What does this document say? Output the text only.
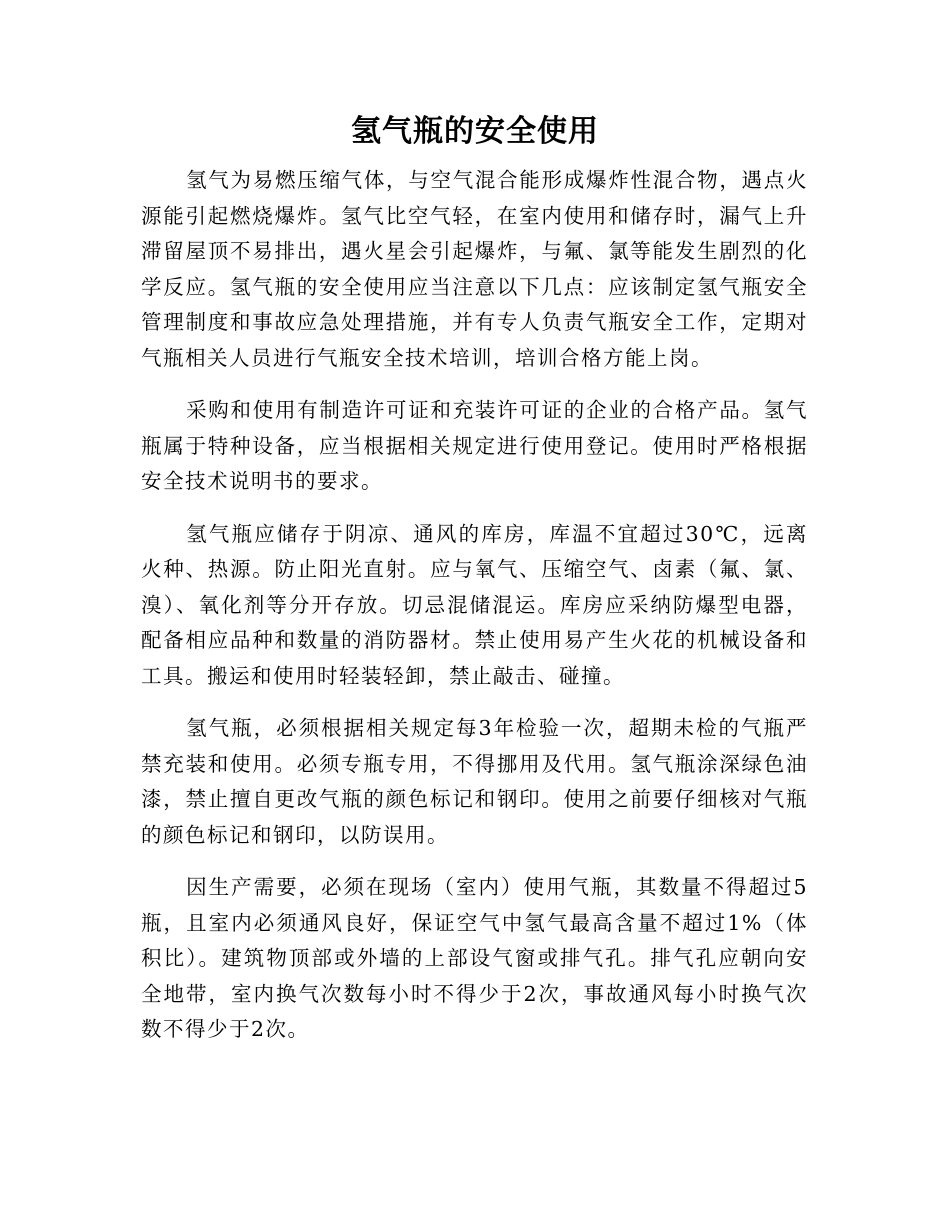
氢气瓶的安全使用

氢气为易燃压缩气体，与空气混合能形成爆炸性混合物，遇点火源能引起燃烧爆炸。氢气比空气轻，在室内使用和储存时，漏气上升滞留屋顶不易排出，遇火星会引起爆炸，与氟、氯等能发生剧烈的化学反应。氢气瓶的安全使用应当注意以下几点：应该制定氢气瓶安全管理制度和事故应急处理措施，并有专人负责气瓶安全工作，定期对气瓶相关人员进行气瓶安全技术培训，培训合格方能上岗。

采购和使用有制造许可证和充装许可证的企业的合格产品。氢气瓶属于特种设备，应当根据相关规定进行使用登记。使用时严格根据安全技术说明书的要求。

氢气瓶应储存于阴凉、通风的库房，库温不宜超过30℃，远离火种、热源。防止阳光直射。应与氧气、压缩空气、卤素（氟、氯、溴）、氧化剂等分开存放。切忌混储混运。库房应采纳防爆型电器，配备相应品种和数量的消防器材。禁止使用易产生火花的机械设备和工具。搬运和使用时轻装轻卸，禁止敲击、碰撞。

氢气瓶，必须根据相关规定每3年检验一次，超期未检的气瓶严禁充装和使用。必须专瓶专用，不得挪用及代用。氢气瓶涂深绿色油漆，禁止擅自更改气瓶的颜色标记和钢印。使用之前要仔细核对气瓶的颜色标记和钢印，以防误用。

因生产需要，必须在现场（室内）使用气瓶，其数量不得超过5瓶，且室内必须通风良好，保证空气中氢气最高含量不超过1%（体积比）。建筑物顶部或外墙的上部设气窗或排气孔。排气孔应朝向安全地带，室内换气次数每小时不得少于2次，事故通风每小时换气次数不得少于2次。
